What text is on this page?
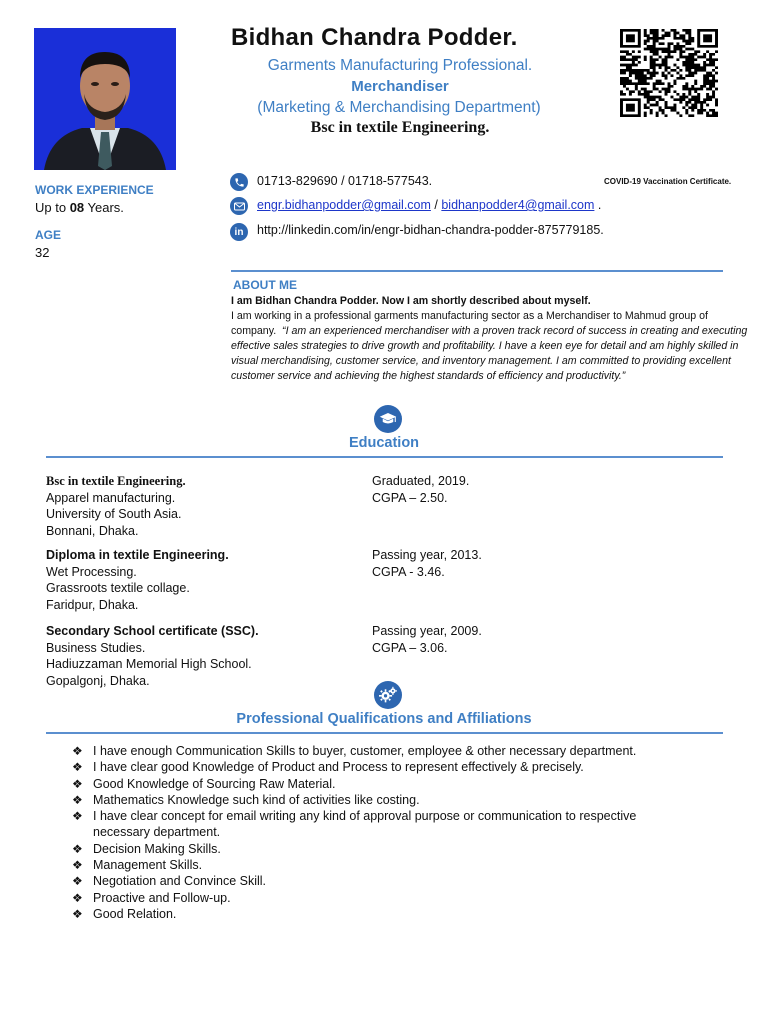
Bidhan Chandra Podder.
Garments Manufacturing Professional.
Merchandiser
(Marketing & Merchandising Department)
Bsc in textile Engineering.
WORK EXPERIENCE
Up to 08 Years.
AGE
32
01713-829690 / 01718-577543.	COVID-19 Vaccination Certificate.
engr.bidhanpodder@gmail.com / bidhanpodder4@gmail.com .
in	http://linkedin.com/in/engr-bidhan-chandra-podder-875779185.
ABOUT ME
I am Bidhan Chandra Podder. Now I am shortly described about myself.
I am working in a professional garments manufacturing sector as a Merchandiser to Mahmud group of company. “I am an experienced merchandiser with a proven track record of success in creating and executing effective sales strategies to drive growth and profitability. I have a keen eye for detail and am highly skilled in visual merchandising, customer service, and inventory management. I am committed to providing excellent customer service and achieving the highest standards of efficiency and productivity.”
Education
Bsc in textile Engineering.
Apparel manufacturing.
University of South Asia.
Bonnani, Dhaka.
Graduated, 2019.
CGPA – 2.50.
Diploma in textile Engineering.
Wet Processing.
Grassroots textile collage.
Faridpur, Dhaka.
Passing year, 2013.
CGPA - 3.46.
Secondary School certificate (SSC).
Business Studies.
Hadiuzzaman Memorial High School.
Gopalgonj, Dhaka.
Passing year, 2009.
CGPA – 3.06.
Professional Qualifications and Affiliations
❖ I have enough Communication Skills to buyer, customer, employee & other necessary department.
❖ I have clear good Knowledge of Product and Process to represent effectively & precisely.
❖ Good Knowledge of Sourcing Raw Material.
❖ Mathematics Knowledge such kind of activities like costing.
❖ I have clear concept for email writing any kind of approval purpose or communication to respective necessary department.
❖ Decision Making Skills.
❖ Management Skills.
❖ Negotiation and Convince Skill.
❖ Proactive and Follow-up.
❖ Good Relation.
